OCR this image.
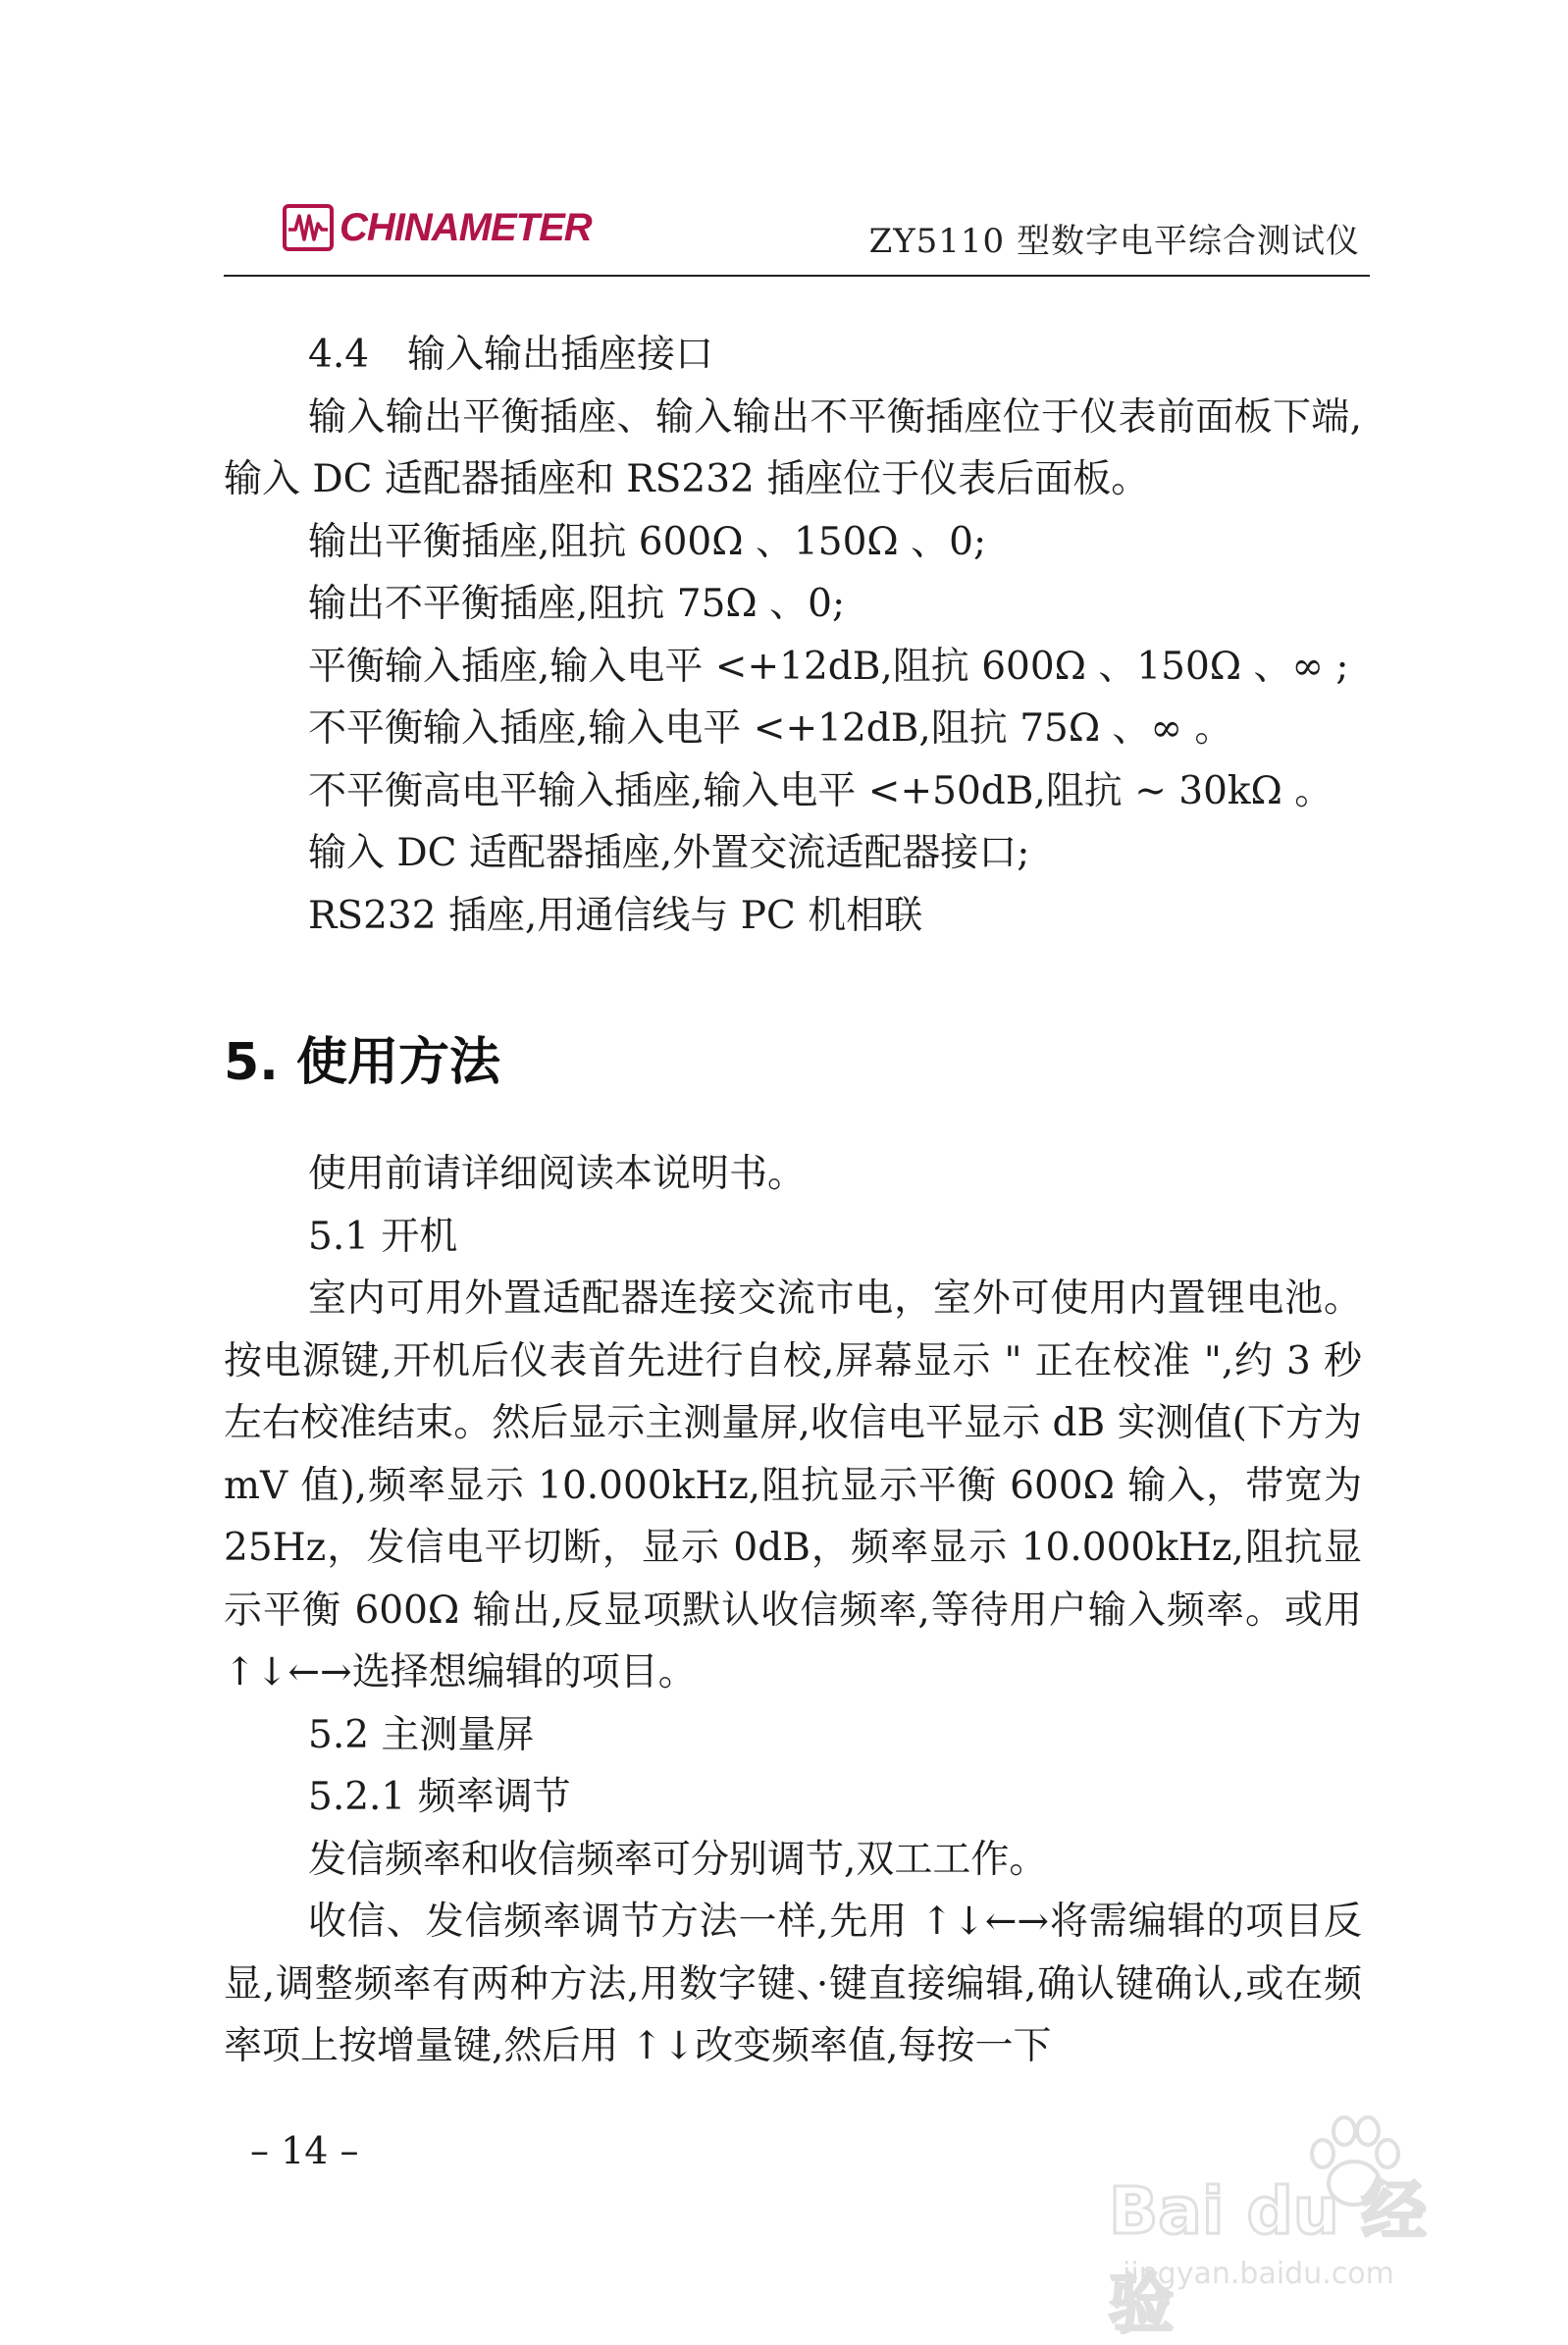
CHINAMETER	ZY5110 型数字电平综合测试仪

4.4　输入输出插座接口

输入输出平衡插座、输入输出不平衡插座位于仪表前面板下端,输入 DC 适配器插座和 RS232 插座位于仪表后面板。

输出平衡插座,阻抗 600Ω 、150Ω 、0;

输出不平衡插座,阻抗 75Ω 、0;

平衡输入插座,输入电平 <+12dB,阻抗 600Ω 、150Ω 、∞ ;

不平衡输入插座,输入电平 <+12dB,阻抗 75Ω 、∞ 。

不平衡高电平输入插座,输入电平 <+50dB,阻抗 ~ 30kΩ 。

输入 DC 适配器插座,外置交流适配器接口;

RS232 插座,用通信线与 PC 机相联

5. 使用方法

使用前请详细阅读本说明书。

5.1 开机

室内可用外置适配器连接交流市电，室外可使用内置锂电池。按电源键,开机后仪表首先进行自校,屏幕显示 " 正在校准 ",约 3 秒左右校准结束。然后显示主测量屏,收信电平显示 dB 实测值(下方为 mV 值),频率显示 10.000kHz,阻抗显示平衡 600Ω 输入，带宽为 25Hz，发信电平切断，显示 0dB，频率显示 10.000kHz,阻抗显示平衡 600Ω 输出,反显项默认收信频率,等待用户输入频率。或用↑↓←→选择想编辑的项目。

5.2 主测量屏

5.2.1 频率调节

发信频率和收信频率可分别调节,双工工作。

收信、发信频率调节方法一样,先用 ↑↓←→将需编辑的项目反显,调整频率有两种方法,用数字键、·键直接编辑,确认键确认,或在频率项上按增量键,然后用 ↑↓改变频率值,每按一下

– 14 –
Bai du 经验
jingyan.baidu.com
